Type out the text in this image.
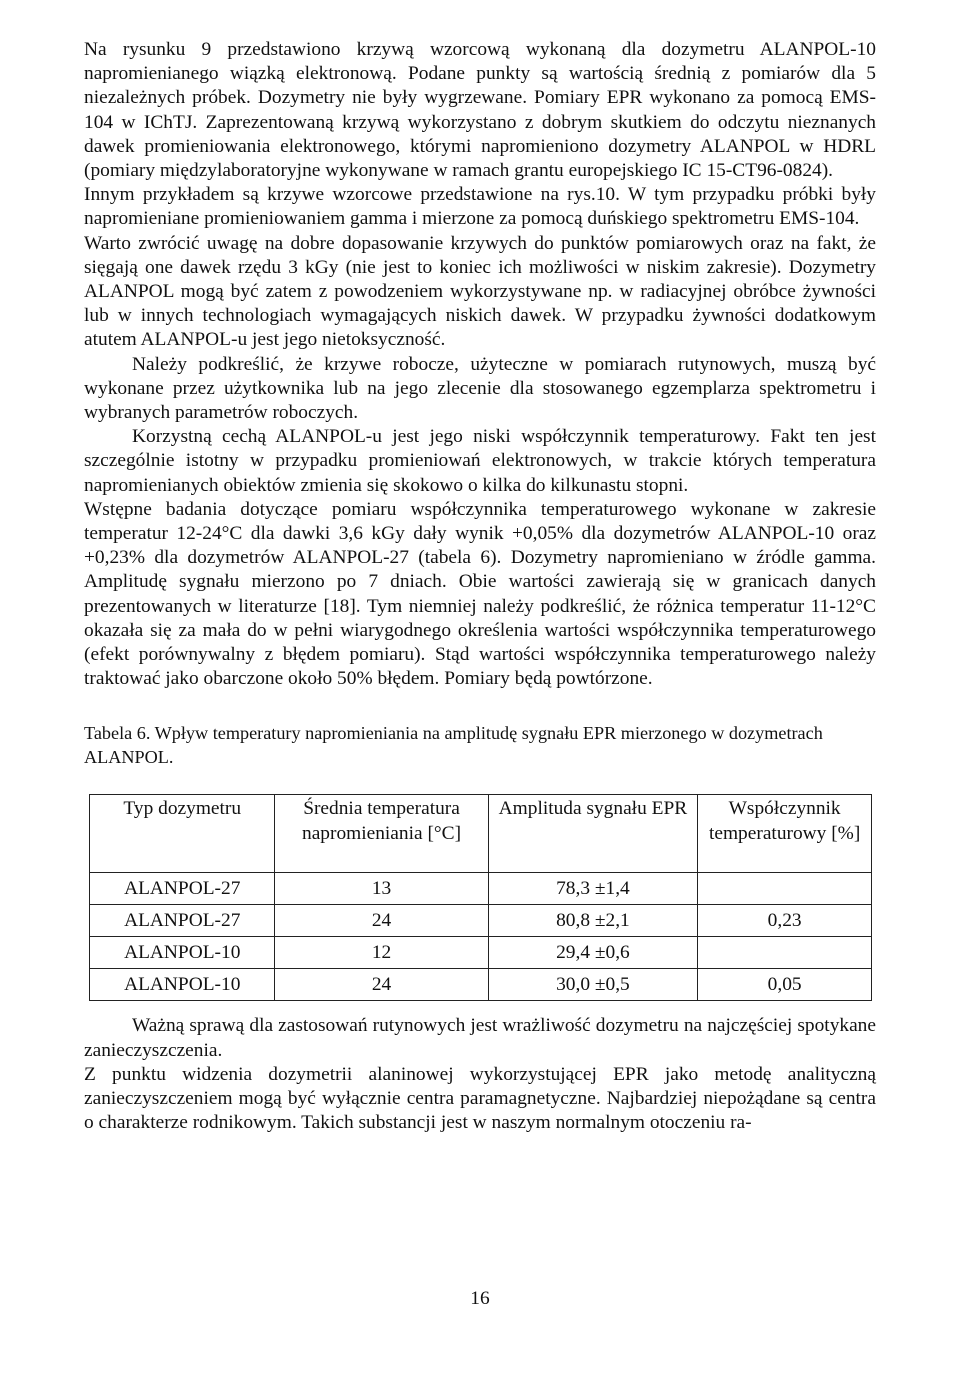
Na rysunku 9 przedstawiono krzywą wzorcową wykonaną dla dozymetru ALANPOL-10 napromienianego wiązką elektronową. Podane punkty są wartością średnią z pomiarów dla 5 niezależnych próbek. Dozymetry nie były wygrzewane. Pomiary EPR wykonano za pomocą EMS-104 w IChTJ. Zaprezentowaną krzywą wykorzystano z dobrym skutkiem do odczytu nieznanych dawek promieniowania elektronowego, którymi napromieniono dozymetry ALANPOL w HDRL (pomiary międzylaboratoryjne wykonywane w ramach grantu europejskiego IC 15-CT96-0824).

Innym przykładem są krzywe wzorcowe przedstawione na rys.10. W tym przypadku próbki były napromieniane promieniowaniem gamma i mierzone za pomocą duńskiego spektrometru EMS-104.

Warto zwrócić uwagę na dobre dopasowanie krzywych do punktów pomiarowych oraz na fakt, że sięgają one dawek rzędu 3 kGy (nie jest to koniec ich możliwości w niskim zakresie). Dozymetry ALANPOL mogą być zatem z powodzeniem wykorzystywane np. w radiacyjnej obróbce żywności lub w innych technologiach wymagających niskich dawek. W przypadku żywności dodatkowym atutem ALANPOL-u jest jego nietoksyczność.

Należy podkreślić, że krzywe robocze, użyteczne w pomiarach rutynowych, muszą być wykonane przez użytkownika lub na jego zlecenie dla stosowanego egzemplarza spektrometru i wybranych parametrów roboczych.

Korzystną cechą ALANPOL-u jest jego niski współczynnik temperaturowy. Fakt ten jest szczególnie istotny w przypadku promieniowań elektronowych, w trakcie których temperatura napromienianych obiektów zmienia się skokowo o kilka do kilkunastu stopni.

Wstępne badania dotyczące pomiaru współczynnika temperaturowego wykonane w zakresie temperatur 12-24°C dla dawki 3,6 kGy dały wynik +0,05% dla dozymetrów ALANPOL-10 oraz +0,23% dla dozymetrów ALANPOL-27 (tabela 6). Dozymetry napromieniano w źródle gamma. Amplitudę sygnału mierzono po 7 dniach. Obie wartości zawierają się w granicach danych prezentowanych w literaturze [18]. Tym niemniej należy podkreślić, że różnica temperatur 11-12°C okazała się za mała do w pełni wiarygodnego określenia wartości współczynnika temperaturowego (efekt porównywalny z błędem pomiaru). Stąd wartości współczynnika temperaturowego należy traktować jako obarczone około 50% błędem. Pomiary będą powtórzone.

Tabela 6. Wpływ temperatury napromieniania na amplitudę sygnału EPR mierzonego w dozymetrach ALANPOL.

Typ dozymetru	Średnia temperatura napromieniania [°C]	Amplituda sygnału EPR	Współczynnik temperaturowy [%]
ALANPOL-27	13	78,3 ±1,4	
ALANPOL-27	24	80,8 ±2,1	0,23
ALANPOL-10	12	29,4 ±0,6	
ALANPOL-10	24	30,0 ±0,5	0,05

Ważną sprawą dla zastosowań rutynowych jest wrażliwość dozymetru na najczęściej spotykane zanieczyszczenia.

Z punktu widzenia dozymetrii alaninowej wykorzystującej EPR jako metodę analityczną zanieczyszczeniem mogą być wyłącznie centra paramagnetyczne. Najbardziej niepożądane są centra o charakterze rodnikowym. Takich substancji jest w naszym normalnym otoczeniu ra-

16
